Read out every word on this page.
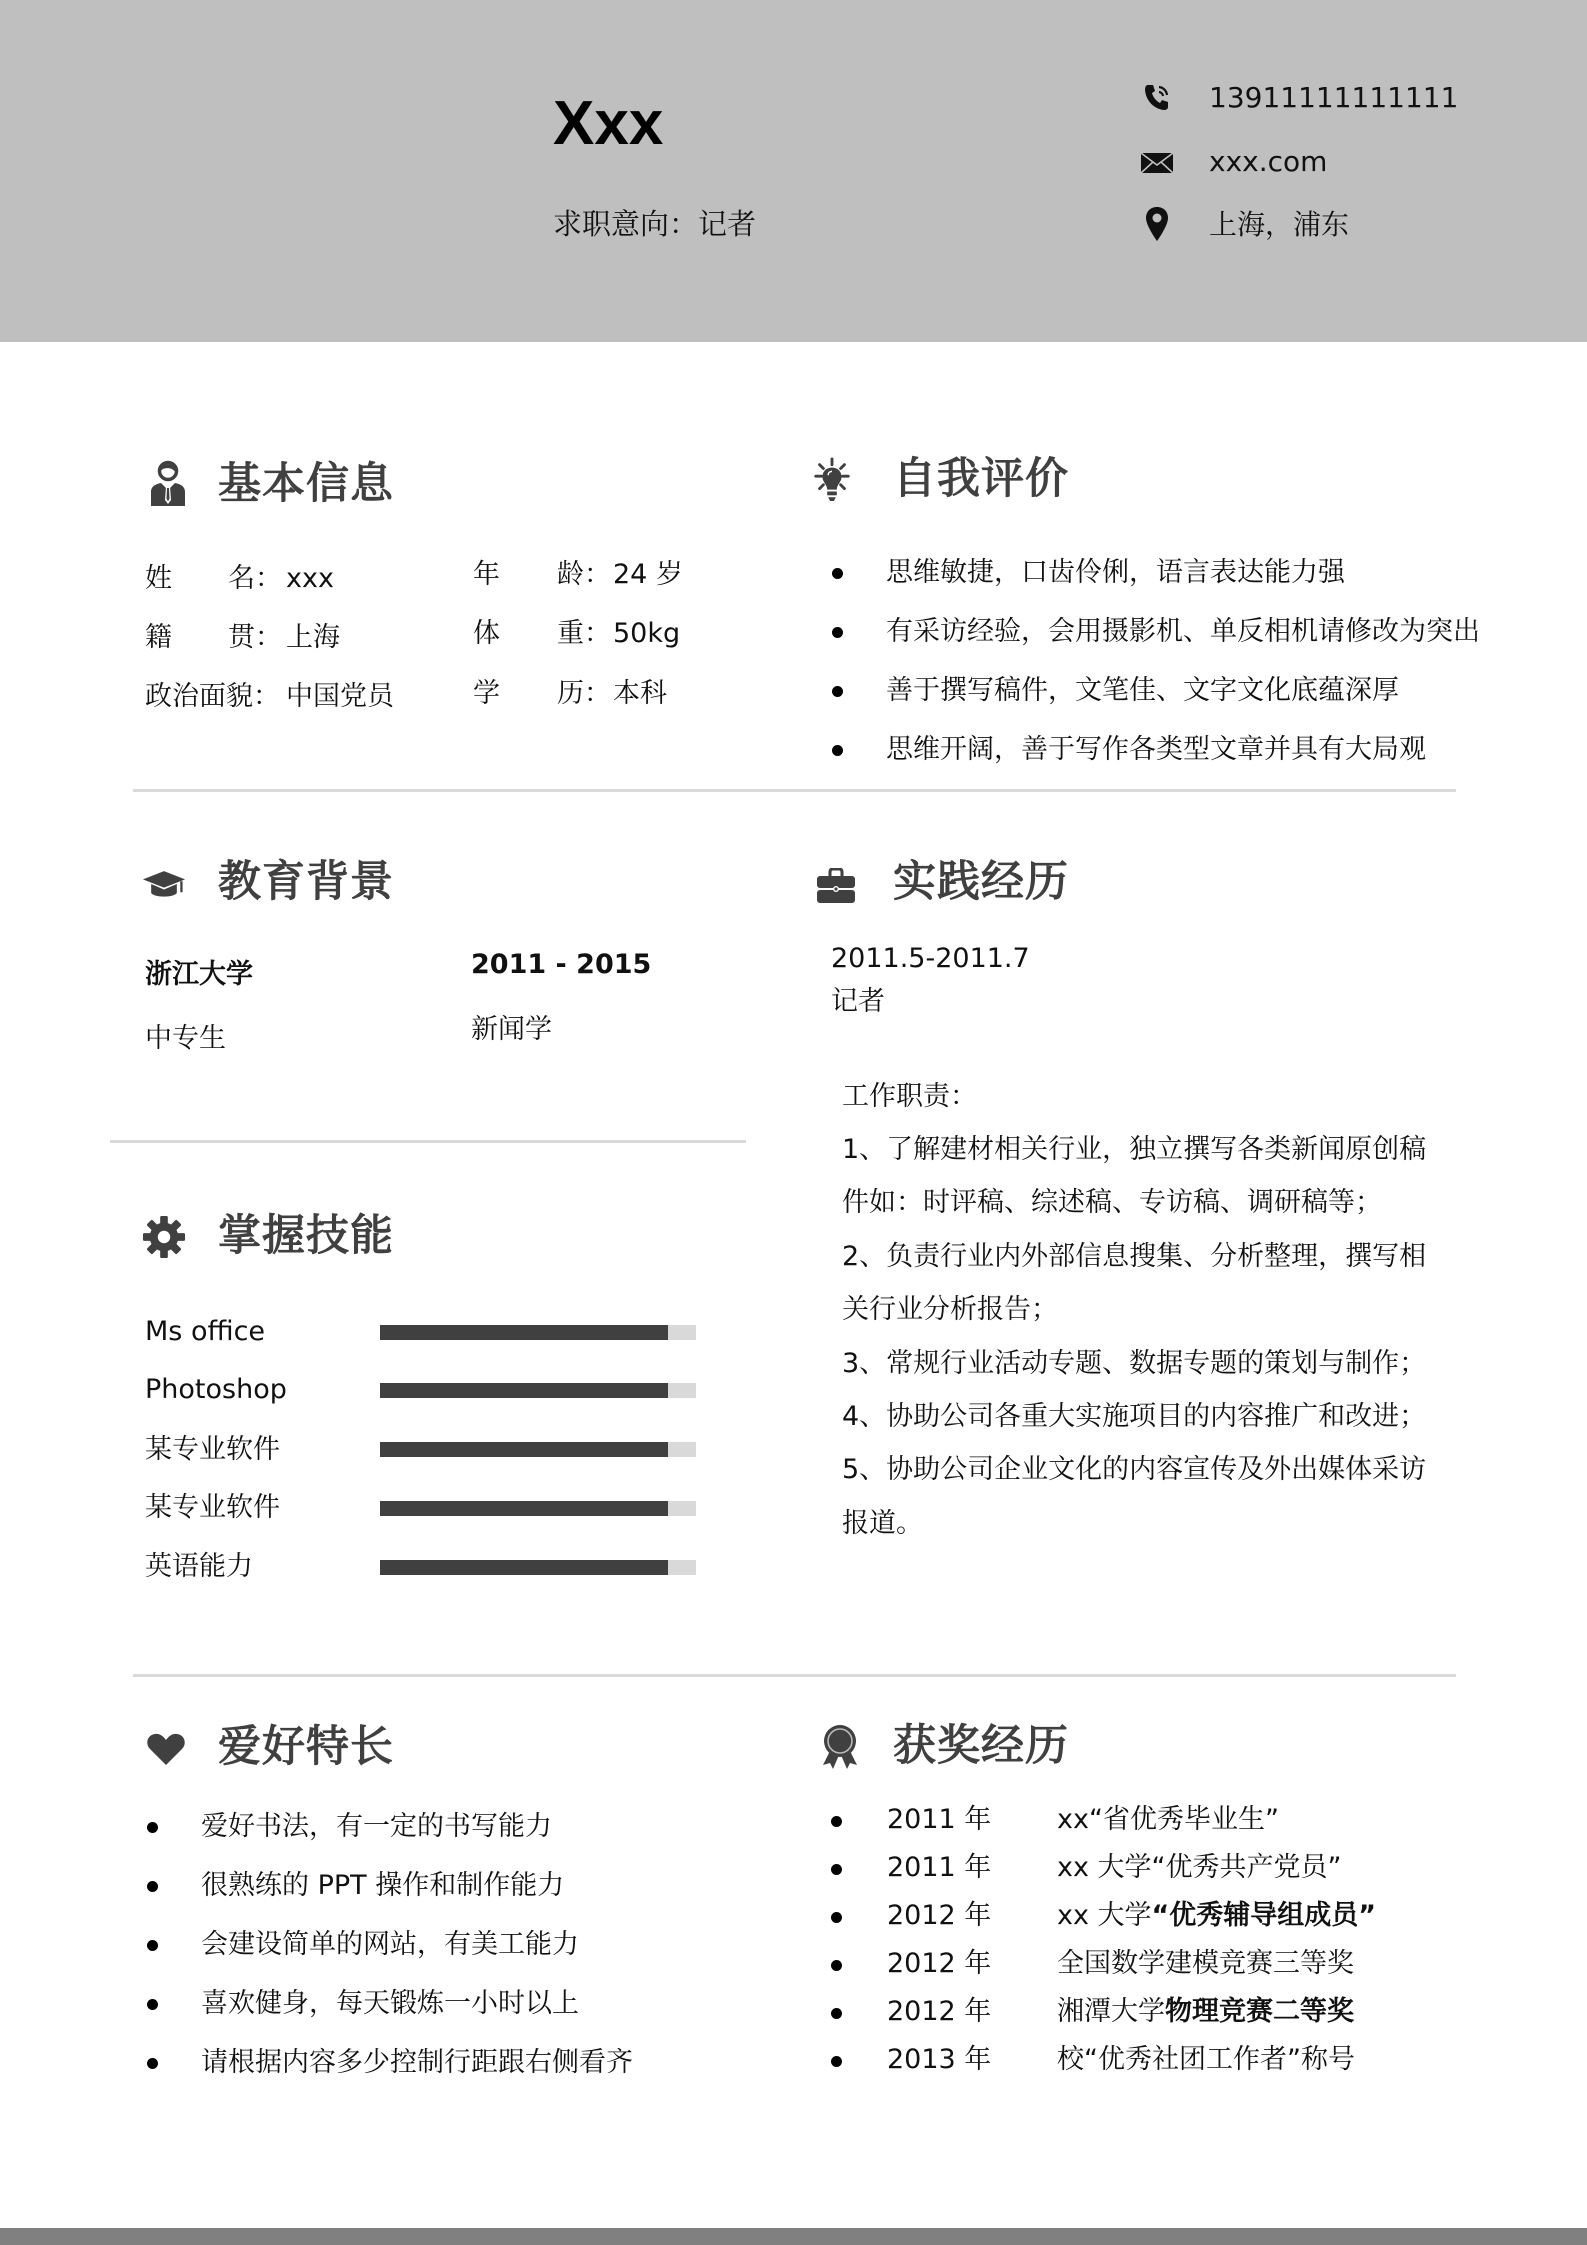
Xxx
求职意向：记者
13911111111111
xxx.com
上海，浦东
基本信息
姓 名： xxx
籍 贯： 上海
政治面貌： 中国党员
年 龄： 24 岁
体 重： 50kg
学 历： 本科
自我评价
思维敏捷，口齿伶俐，语言表达能力强
有采访经验，会用摄影机、单反相机请修改为突出
善于撰写稿件，文笔佳、文字文化底蕴深厚
思维开阔，善于写作各类型文章并具有大局观
教育背景
浙江大学	2011 - 2015
中专生	新闻学
实践经历
2011.5-2011.7
记者
工作职责：
1、了解建材相关行业，独立撰写各类新闻原创稿
件如：时评稿、综述稿、专访稿、调研稿等；
2、负责行业内外部信息搜集、分析整理，撰写相
关行业分析报告；
3、常规行业活动专题、数据专题的策划与制作；
4、协助公司各重大实施项目的内容推广和改进；
5、协助公司企业文化的内容宣传及外出媒体采访
报道。
掌握技能
Ms office
Photoshop
某专业软件
某专业软件
英语能力
爱好特长
爱好书法，有一定的书写能力
很熟练的 PPT 操作和制作能力
会建设简单的网站，有美工能力
喜欢健身，每天锻炼一小时以上
请根据内容多少控制行距跟右侧看齐
获奖经历
2011 年 xx“省优秀毕业生”
2011 年 xx 大学“优秀共产党员”
2012 年 xx 大学“优秀辅导组成员”
2012 年 全国数学建模竞赛三等奖
2012 年 湘潭大学物理竞赛二等奖
2013 年 校“优秀社团工作者”称号
